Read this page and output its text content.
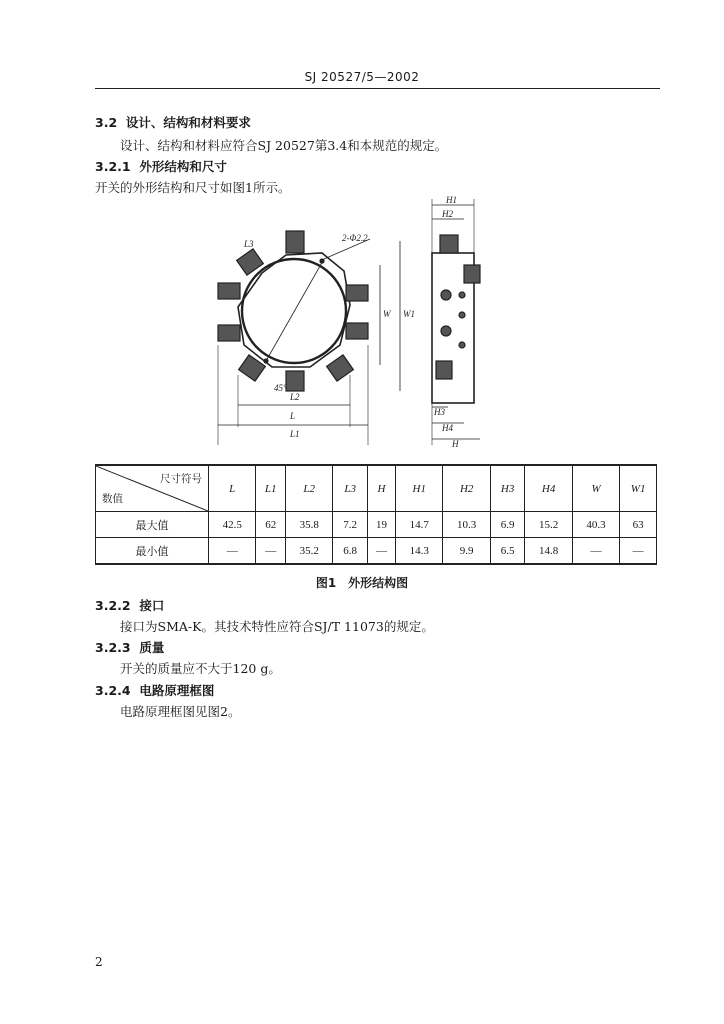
SJ 20527/5—2002
3.2 设计、结构和材料要求
设计、结构和材料应符合SJ 20527第3.4和本规范的规定。
3.2.1 外形结构和尺寸
开关的外形结构和尺寸如图1所示。
2-Φ2.2
L3
L2
L
L1
W W1
45°
H1
H2
H3
H4
H
尺寸符号
数值	L	L1	L2	L3	H	H1	H2	H3	H4	W	W1
最大值	42.5	62	35.8	7.2	19	14.7	10.3	6.9	15.2	40.3	63
最小值	—	—	35.2	6.8	—	14.3	9.9	6.5	14.8	—	—
图1　外形结构图
3.2.2 接口
接口为SMA-K。其技术特性应符合SJ/T 11073的规定。
3.2.3 质量
开关的质量应不大于120 g。
3.2.4 电路原理框图
电路原理框图见图2。
2
